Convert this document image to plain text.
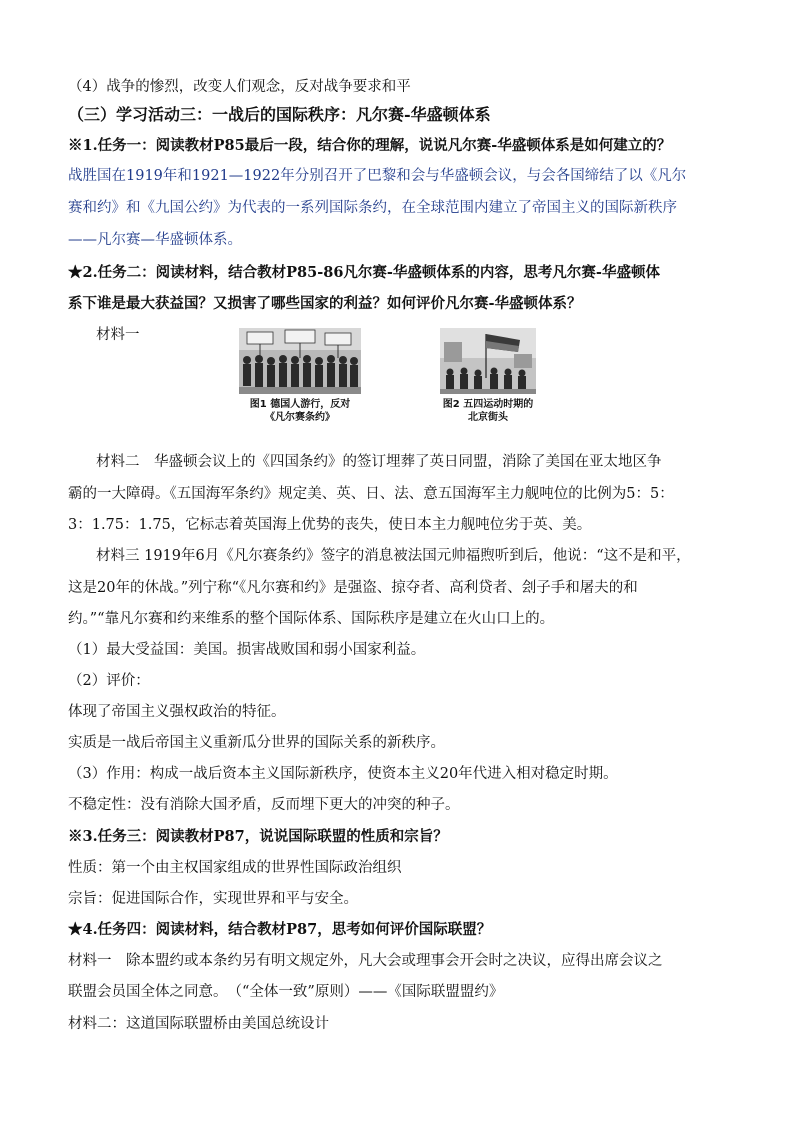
（4）战争的惨烈，改变人们观念，反对战争要求和平
（三）学习活动三：一战后的国际秩序：凡尔赛-华盛顿体系
※1.任务一：阅读教材P85最后一段，结合你的理解，说说凡尔赛-华盛顿体系是如何建立的？
战胜国在1919年和1921—1922年分别召开了巴黎和会与华盛顿会议，与会各国缔结了以《凡尔
赛和约》和《九国公约》为代表的一系列国际条约，在全球范围内建立了帝国主义的国际新秩序
——凡尔赛—华盛顿体系。
★2.任务二：阅读材料，结合教材P85-86凡尔赛-华盛顿体系的内容，思考凡尔赛-华盛顿体
系下谁是最大获益国？又损害了哪些国家的利益？如何评价凡尔赛-华盛顿体系？
材料一
图1 德国人游行，反对
《凡尔赛条约》
图2 五四运动时期的
北京街头
材料二　华盛顿会议上的《四国条约》的签订埋葬了英日同盟，消除了美国在亚太地区争
霸的一大障碍。《五国海军条约》规定美、英、日、法、意五国海军主力舰吨位的比例为5：5：
3：1.75：1.75，它标志着英国海上优势的丧失，使日本主力舰吨位劣于英、美。
材料三 1919年6月《凡尔赛条约》签字的消息被法国元帅福煦听到后，他说：“这不是和平，
这是20年的休战。”列宁称“《凡尔赛和约》是强盗、掠夺者、高利贷者、刽子手和屠夫的和
约。”“靠凡尔赛和约来维系的整个国际体系、国际秩序是建立在火山口上的。
（1）最大受益国：美国。损害战败国和弱小国家利益。
（2）评价：
体现了帝国主义强权政治的特征。
实质是一战后帝国主义重新瓜分世界的国际关系的新秩序。
（3）作用：构成一战后资本主义国际新秩序，使资本主义20年代进入相对稳定时期。
不稳定性：没有消除大国矛盾，反而埋下更大的冲突的种子。
※3.任务三：阅读教材P87，说说国际联盟的性质和宗旨？
性质：第一个由主权国家组成的世界性国际政治组织
宗旨：促进国际合作，实现世界和平与安全。
★4.任务四：阅读材料，结合教材P87，思考如何评价国际联盟？
材料一　除本盟约或本条约另有明文规定外，凡大会或理事会开会时之决议，应得出席会议之
联盟会员国全体之同意。　（“全体一致”原则）——《国际联盟盟约》
材料二：这道国际联盟桥由美国总统设计
